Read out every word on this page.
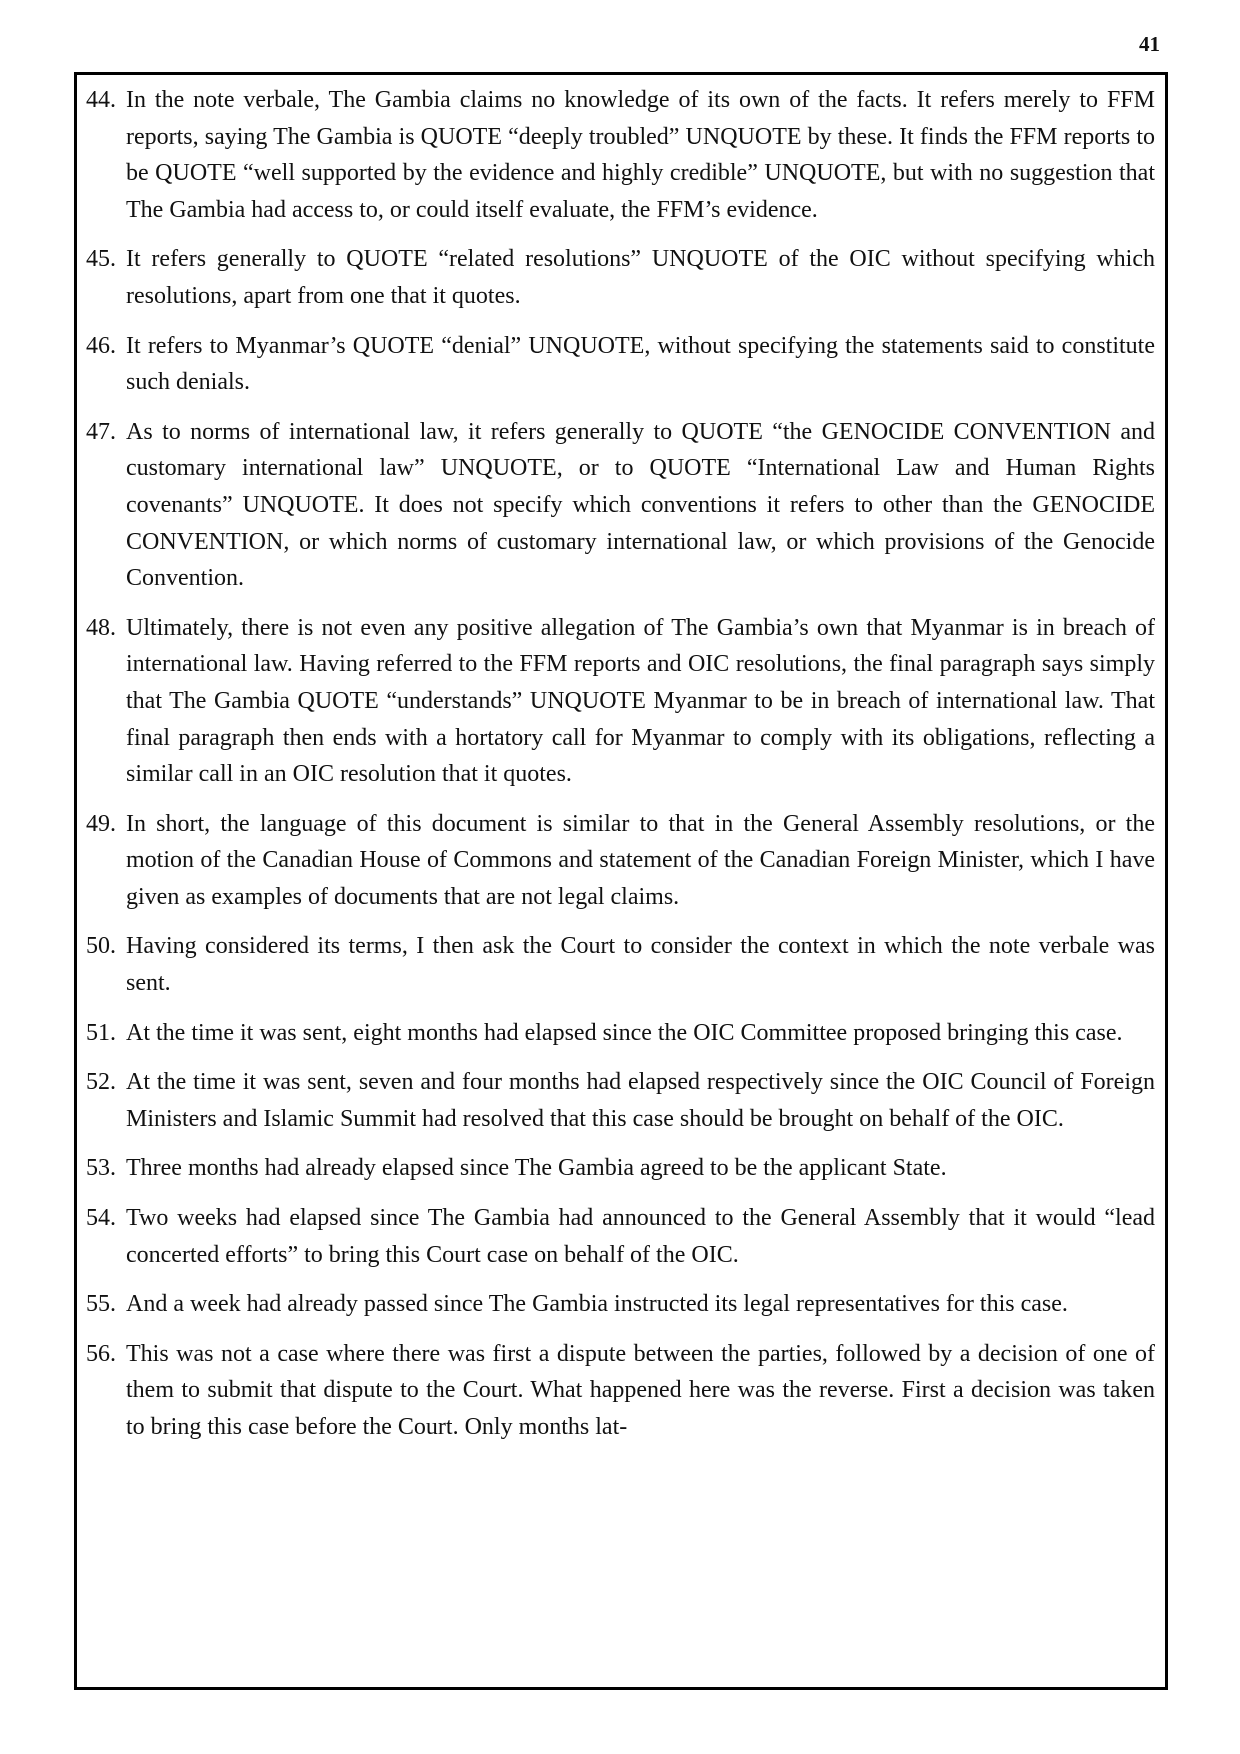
41
44. In the note verbale, The Gambia claims no knowledge of its own of the facts. It refers merely to FFM reports, saying The Gambia is QUOTE “deeply troubled” UNQUOTE by these. It finds the FFM reports to be QUOTE “well supported by the evidence and highly credible” UNQUOTE, but with no suggestion that The Gambia had access to, or could itself evaluate, the FFM’s evidence.
45. It refers generally to QUOTE “related resolutions” UNQUOTE of the OIC without specifying which resolutions, apart from one that it quotes.
46. It refers to Myanmar’s QUOTE “denial” UNQUOTE, without specifying the statements said to constitute such denials.
47. As to norms of international law, it refers generally to QUOTE “the GENOCIDE CONVENTION and customary international law” UNQUOTE, or to QUOTE “International Law and Human Rights covenants” UNQUOTE. It does not specify which conventions it refers to other than the GENOCIDE CONVENTION, or which norms of customary international law, or which provisions of the Genocide Convention.
48. Ultimately, there is not even any positive allegation of The Gambia’s own that Myanmar is in breach of international law. Having referred to the FFM reports and OIC resolutions, the final paragraph says simply that The Gambia QUOTE “understands” UNQUOTE Myanmar to be in breach of international law. That final paragraph then ends with a hortatory call for Myanmar to comply with its obligations, reflecting a similar call in an OIC resolution that it quotes.
49. In short, the language of this document is similar to that in the General Assembly resolutions, or the motion of the Canadian House of Commons and statement of the Canadian Foreign Minister, which I have given as examples of documents that are not legal claims.
50. Having considered its terms, I then ask the Court to consider the context in which the note verbale was sent.
51. At the time it was sent, eight months had elapsed since the OIC Committee proposed bringing this case.
52. At the time it was sent, seven and four months had elapsed respectively since the OIC Council of Foreign Ministers and Islamic Summit had resolved that this case should be brought on behalf of the OIC.
53. Three months had already elapsed since The Gambia agreed to be the applicant State.
54. Two weeks had elapsed since The Gambia had announced to the General Assembly that it would “lead concerted efforts” to bring this Court case on behalf of the OIC.
55. And a week had already passed since The Gambia instructed its legal representatives for this case.
56. This was not a case where there was first a dispute between the parties, followed by a decision of one of them to submit that dispute to the Court. What happened here was the reverse. First a decision was taken to bring this case before the Court. Only months lat-
